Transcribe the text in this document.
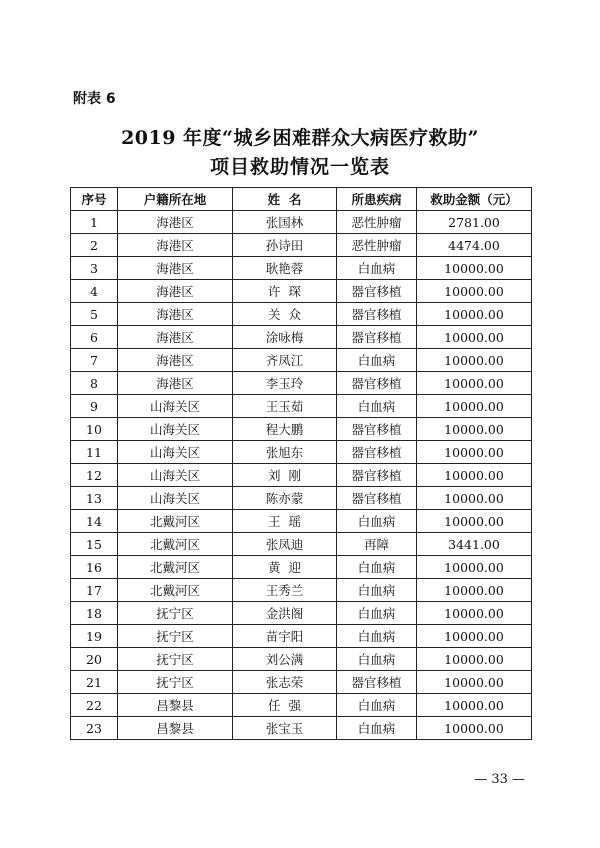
附表 6
2019 年度“城乡困难群众大病医疗救助”
项目救助情况一览表
序号	户籍所在地	姓  名	所患疾病	救助金额（元）
1	海港区	张国林	恶性肿瘤	2781.00
2	海港区	孙诗田	恶性肿瘤	4474.00
3	海港区	耿艳蓉	白血病	10000.00
4	海港区	许  琛	器官移植	10000.00
5	海港区	关  众	器官移植	10000.00
6	海港区	涂咏梅	器官移植	10000.00
7	海港区	齐凤江	白血病	10000.00
8	海港区	李玉玲	器官移植	10000.00
9	山海关区	王玉茹	白血病	10000.00
10	山海关区	程大鹏	器官移植	10000.00
11	山海关区	张旭东	器官移植	10000.00
12	山海关区	刘  刚	器官移植	10000.00
13	山海关区	陈亦蒙	器官移植	10000.00
14	北戴河区	王  瑶	白血病	10000.00
15	北戴河区	张凤迪	再障	3441.00
16	北戴河区	黄  迎	白血病	10000.00
17	北戴河区	王秀兰	白血病	10000.00
18	抚宁区	金洪阁	白血病	10000.00
19	抚宁区	苗宇阳	白血病	10000.00
20	抚宁区	刘公满	白血病	10000.00
21	抚宁区	张志荣	器官移植	10000.00
22	昌黎县	任  强	白血病	10000.00
23	昌黎县	张宝玉	白血病	10000.00
— 33 —
